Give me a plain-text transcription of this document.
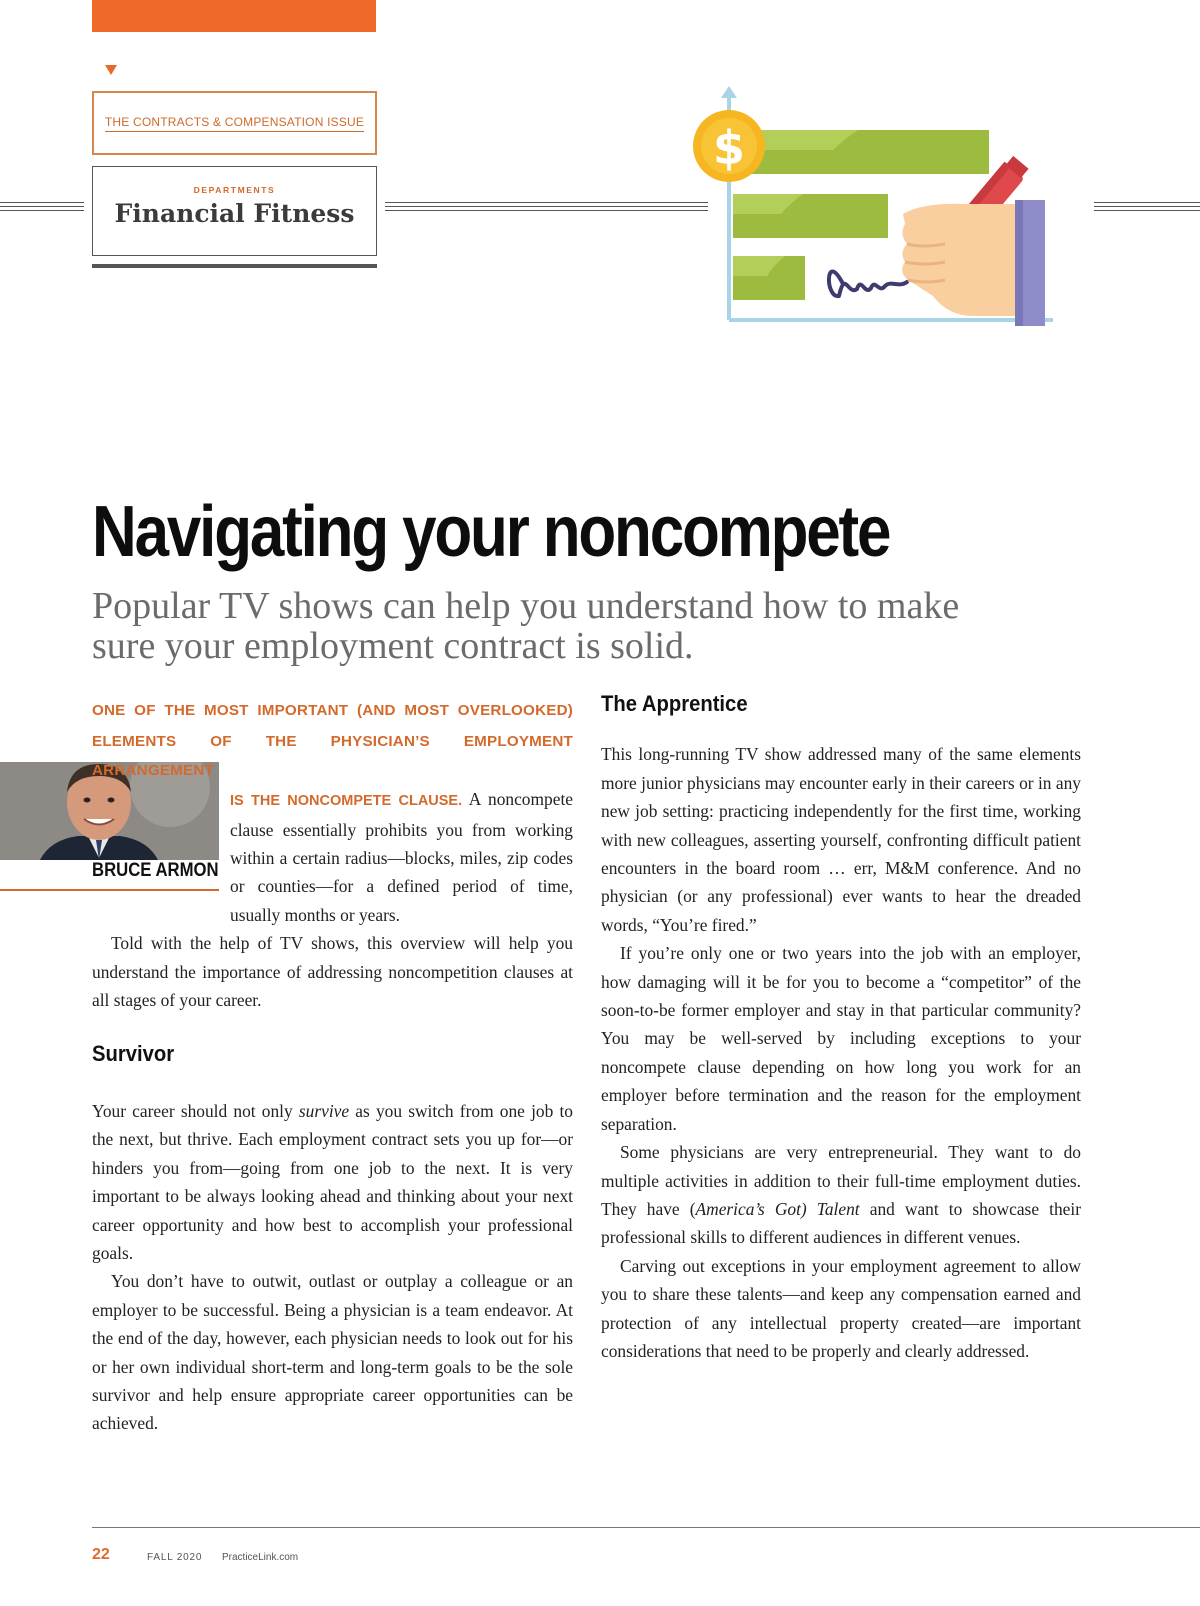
THE CONTRACTS & COMPENSATION ISSUE
DEPARTMENTS
Financial Fitness
$
Navigating your noncompete
Popular TV shows can help you understand how to make sure your employment contract is solid.
BRUCE ARMON
ONE OF THE MOST IMPORTANT (AND MOST OVERLOOKED)
ELEMENTS OF THE PHYSICIAN’S EMPLOYMENT ARRANGEMENT

IS THE NONCOMPETE CLAUSE. A noncompete clause essentially prohibits you from working within a certain radius—blocks, miles, zip codes or counties—for a defined period of time, usually months or years.

Told with the help of TV shows, this overview will help you understand the importance of addressing noncompetition clauses at all stages of your career.

Survivor

Your career should not only survive as you switch from one job to the next, but thrive. Each employment contract sets you up for—or hinders you from—going from one job to the next. It is very important to be always looking ahead and thinking about your next career opportunity and how best to accomplish your professional goals.

You don’t have to outwit, outlast or outplay a colleague or an employer to be successful. Being a physician is a team endeavor. At the end of the day, however, each physician needs to look out for his or her own individual short-term and long-term goals to be the sole survivor and help ensure appropriate career opportunities can be achieved.

The Apprentice

This long-running TV show addressed many of the same elements more junior physicians may encounter early in their careers or in any new job setting: practicing independently for the first time, working with new colleagues, asserting yourself, confronting difficult patient encounters in the board room … err, M&M conference. And no physician (or any professional) ever wants to hear the dreaded words, “You’re fired.”

If you’re only one or two years into the job with an employer, how damaging will it be for you to become a “competitor” of the soon-to-be former employer and stay in that particular community? You may be well-served by including exceptions to your noncompete clause depending on how long you work for an employer before termination and the reason for the employment separation.

Some physicians are very entrepreneurial. They want to do multiple activities in addition to their full-time employment duties. They have (America’s Got) Talent and want to showcase their professional skills to different audiences in different venues.

Carving out exceptions in your employment agreement to allow you to share these talents—and keep any compensation earned and protection of any intellectual property created—are important considerations that need to be properly and clearly addressed.

22	FALL 2020 PracticeLink.com
